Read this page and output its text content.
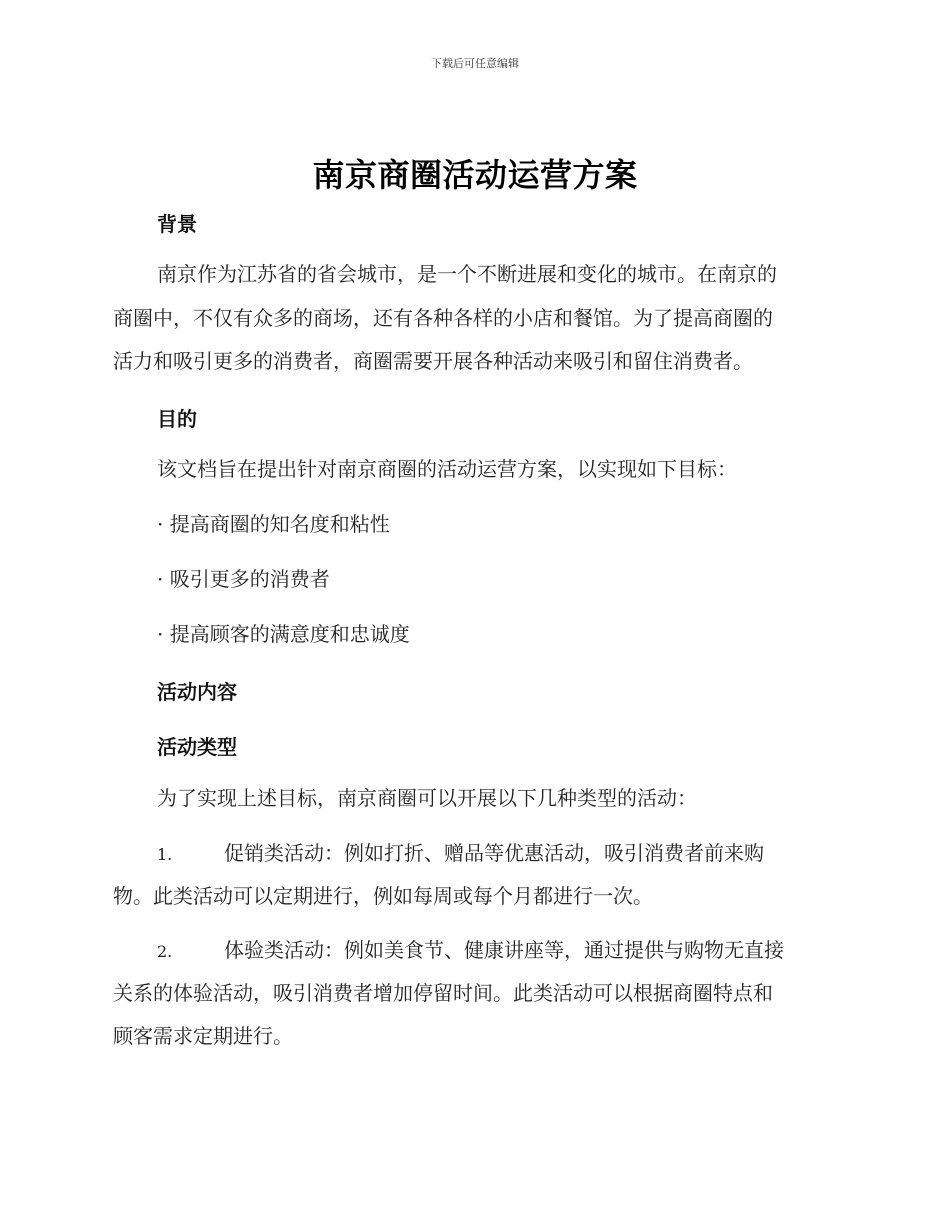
下载后可任意编辑
南京商圈活动运营方案
背景
南京作为江苏省的省会城市，是一个不断进展和变化的城市。在南京的
商圈中，不仅有众多的商场，还有各种各样的小店和餐馆。为了提高商圈的
活力和吸引更多的消费者，商圈需要开展各种活动来吸引和留住消费者。
目的
该文档旨在提出针对南京商圈的活动运营方案，以实现如下目标：
· 提高商圈的知名度和粘性
· 吸引更多的消费者
· 提高顾客的满意度和忠诚度
活动内容
活动类型
为了实现上述目标，南京商圈可以开展以下几种类型的活动：
1.	促销类活动：例如打折、赠品等优惠活动，吸引消费者前来购
物。此类活动可以定期进行，例如每周或每个月都进行一次。
2.	体验类活动：例如美食节、健康讲座等，通过提供与购物无直接
关系的体验活动，吸引消费者增加停留时间。此类活动可以根据商圈特点和
顾客需求定期进行。
